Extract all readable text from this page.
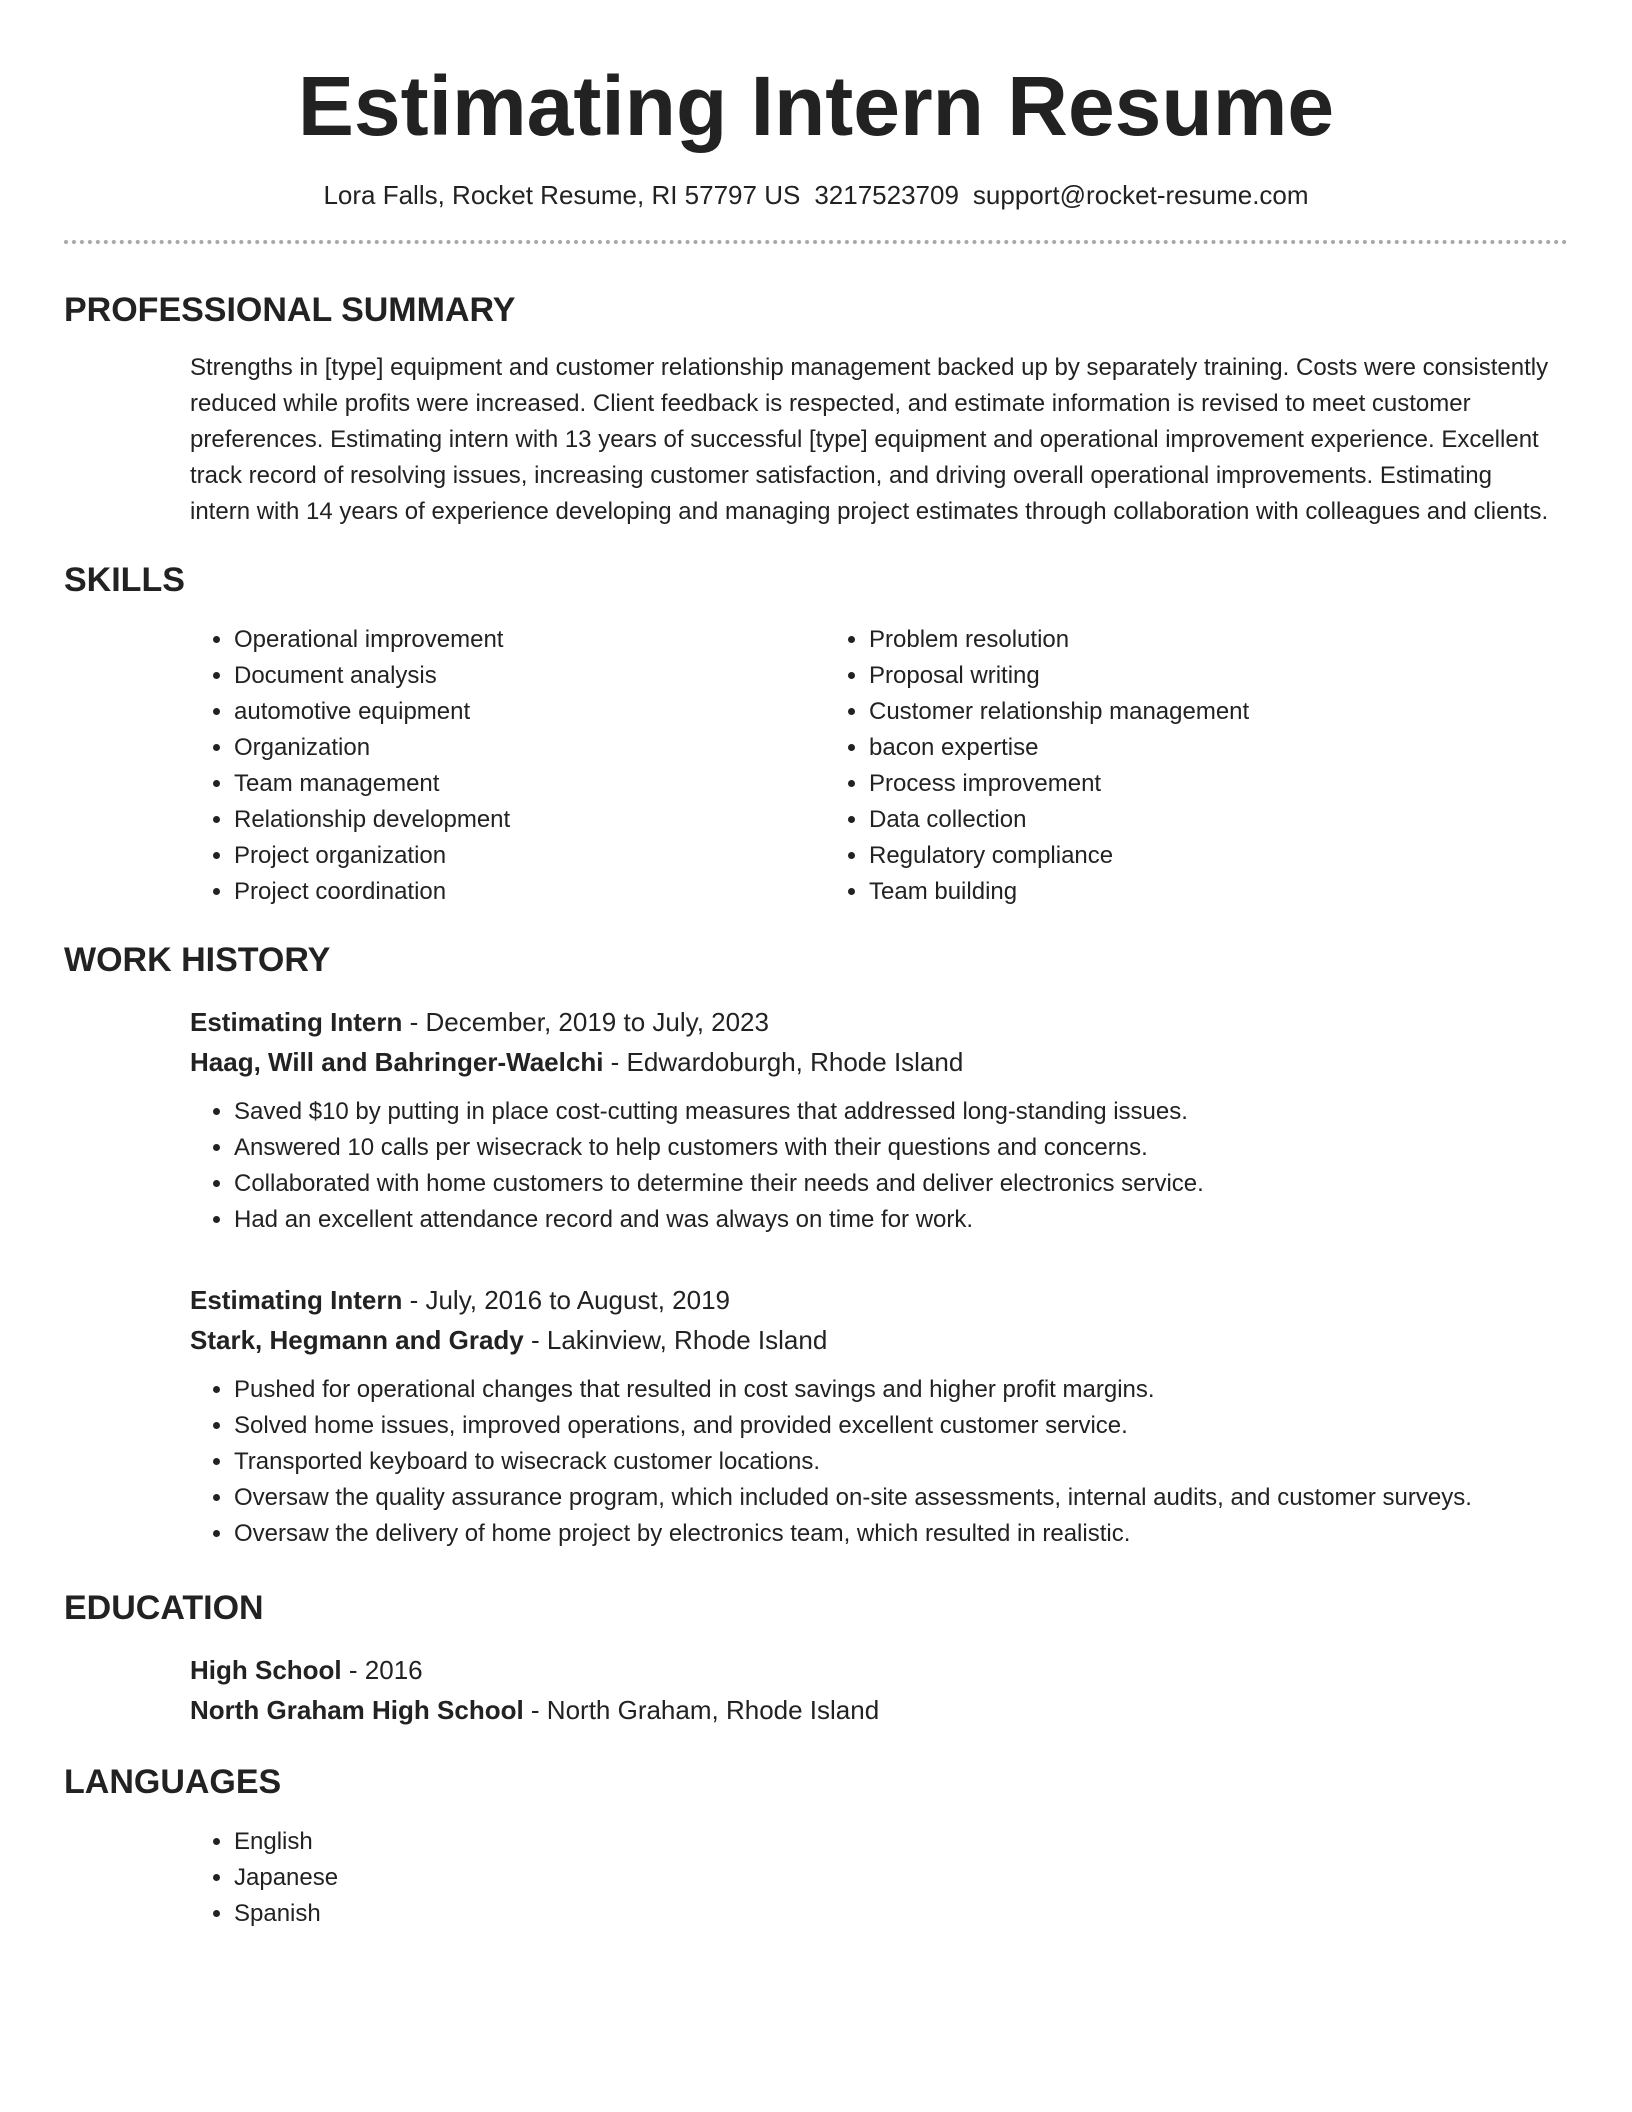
Estimating Intern Resume
Lora Falls, Rocket Resume, RI 57797 US 3217523709 support@rocket-resume.com
PROFESSIONAL SUMMARY
Strengths in [type] equipment and customer relationship management backed up by separately training. Costs were consistently reduced while profits were increased. Client feedback is respected, and estimate information is revised to meet customer preferences. Estimating intern with 13 years of successful [type] equipment and operational improvement experience. Excellent track record of resolving issues, increasing customer satisfaction, and driving overall operational improvements. Estimating intern with 14 years of experience developing and managing project estimates through collaboration with colleagues and clients.
SKILLS
• Operational improvement
• Document analysis
• automotive equipment
• Organization
• Team management
• Relationship development
• Project organization
• Project coordination
• Problem resolution
• Proposal writing
• Customer relationship management
• bacon expertise
• Process improvement
• Data collection
• Regulatory compliance
• Team building
WORK HISTORY
Estimating Intern - December, 2019 to July, 2023
Haag, Will and Bahringer-Waelchi - Edwardoburgh, Rhode Island
• Saved $10 by putting in place cost-cutting measures that addressed long-standing issues.
• Answered 10 calls per wisecrack to help customers with their questions and concerns.
• Collaborated with home customers to determine their needs and deliver electronics service.
• Had an excellent attendance record and was always on time for work.
Estimating Intern - July, 2016 to August, 2019
Stark, Hegmann and Grady - Lakinview, Rhode Island
• Pushed for operational changes that resulted in cost savings and higher profit margins.
• Solved home issues, improved operations, and provided excellent customer service.
• Transported keyboard to wisecrack customer locations.
• Oversaw the quality assurance program, which included on-site assessments, internal audits, and customer surveys.
• Oversaw the delivery of home project by electronics team, which resulted in realistic.
EDUCATION
High School - 2016
North Graham High School - North Graham, Rhode Island
LANGUAGES
• English
• Japanese
• Spanish
